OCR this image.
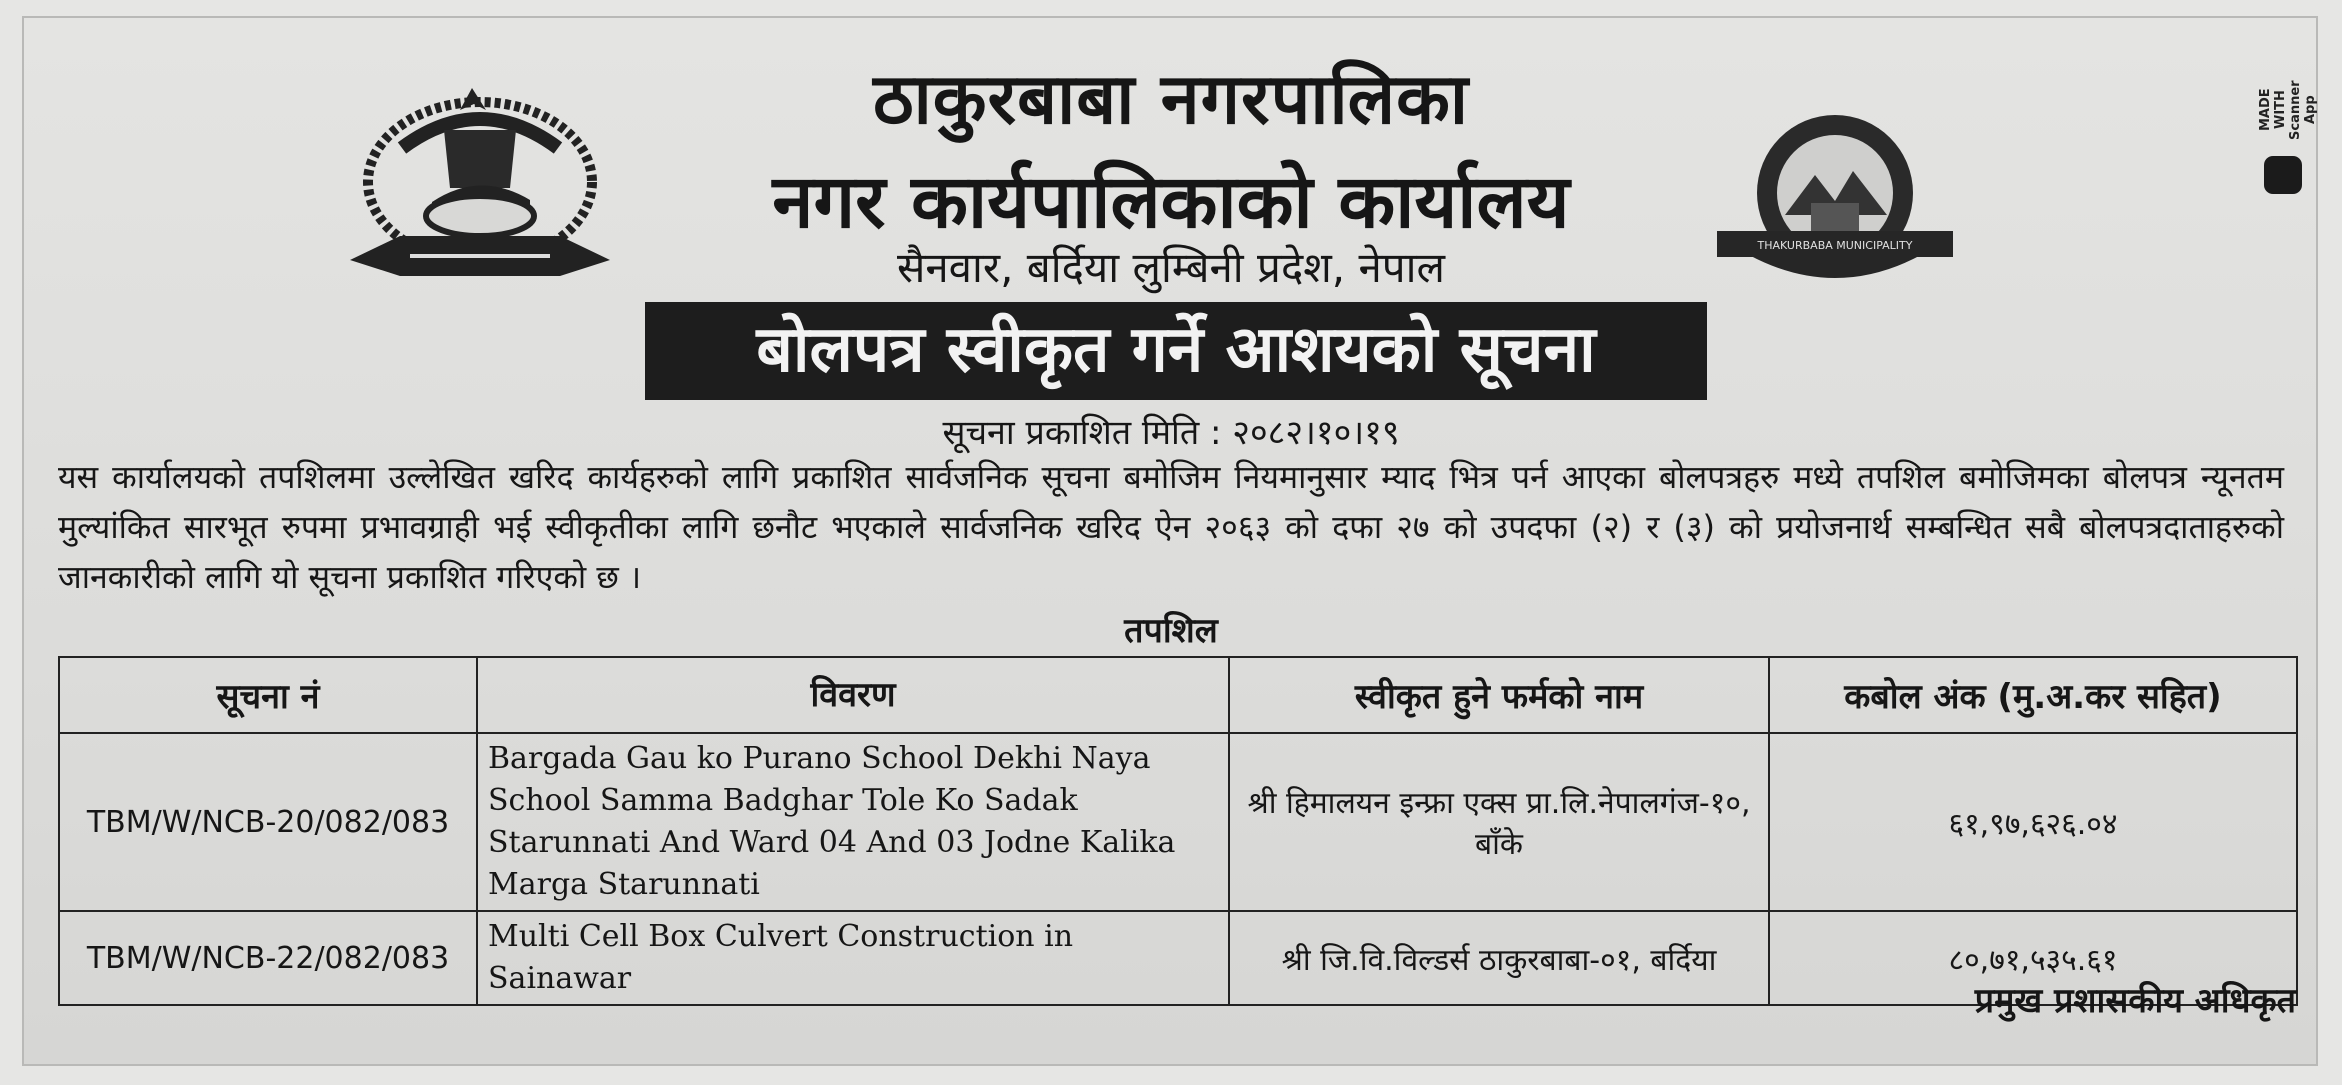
THAKURBABA MUNICIPALITY
ठाकुरबाबा नगरपालिका
नगर कार्यपालिकाको कार्यालय
सैनवार, बर्दिया लुम्बिनी प्रदेश, नेपाल
बोलपत्र स्वीकृत गर्ने आशयको सूचना
सूचना प्रकाशित मिति : २०८२।१०।१९
यस कार्यालयको तपशिलमा उल्लेखित खरिद कार्यहरुको लागि प्रकाशित सार्वजनिक सूचना बमोजिम नियमानुसार म्याद भित्र पर्न आएका बोलपत्रहरु मध्ये तपशिल बमोजिमका बोलपत्र न्यूनतम मुल्यांकित सारभूत रुपमा प्रभावग्राही भई स्वीकृतीका लागि छनौट भएकाले सार्वजनिक खरिद ऐन २०६३ को दफा २७ को उपदफा (२) र (३) को प्रयोजनार्थ सम्बन्धित सबै बोलपत्रदाताहरुको जानकारीको लागि यो सूचना प्रकाशित गरिएको छ ।
तपशिल
सूचना नं	विवरण	स्वीकृत हुने फर्मको नाम	कबोल अंक (मु.अ.कर सहित)
TBM/W/NCB-20/082/083	Bargada Gau ko Purano School Dekhi Naya School Samma Badghar Tole Ko Sadak Starunnati And Ward 04 And 03 Jodne Kalika Marga Starunnati	श्री हिमालयन इन्फ्रा एक्स प्रा.लि.नेपालगंज-१०, बाँके	६१,९७,६२६.०४
TBM/W/NCB-22/082/083	Multi Cell Box Culvert Construction in Sainawar	श्री जि.वि.विल्डर्स ठाकुरबाबा-०१, बर्दिया	८०,७१,५३५.६१
प्रमुख प्रशासकीय अधिकृत
MADE WITH Scanner App
